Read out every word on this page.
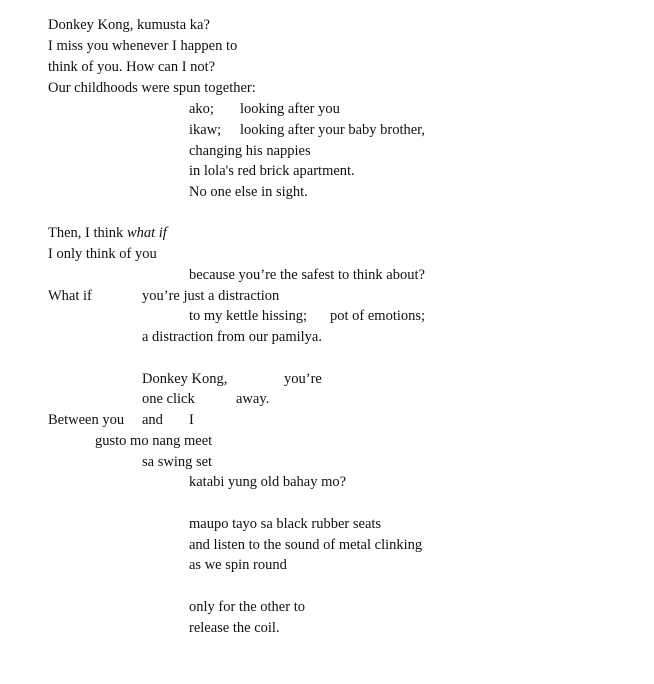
Donkey Kong, kumusta ka?
I miss you whenever I happen to
think of you. How can I not?
Our childhoods were spun together:
ako; looking after you
ikaw; looking after your baby brother,
changing his nappies
in lola's red brick apartment.
No one else in sight.
Then, I think what if
I only think of you
because you’re the safest to think about?
What if	you’re just a distraction
to my kettle hissing; pot of emotions;
a distraction from our pamilya.
Donkey Kong,	you’re
one click	away.
Between you and I
gusto mo nang meet
sa swing set
katabi yung old bahay mo?
maupo tayo sa black rubber seats
and listen to the sound of metal clinking
as we spin round
only for the other to
release the coil.
